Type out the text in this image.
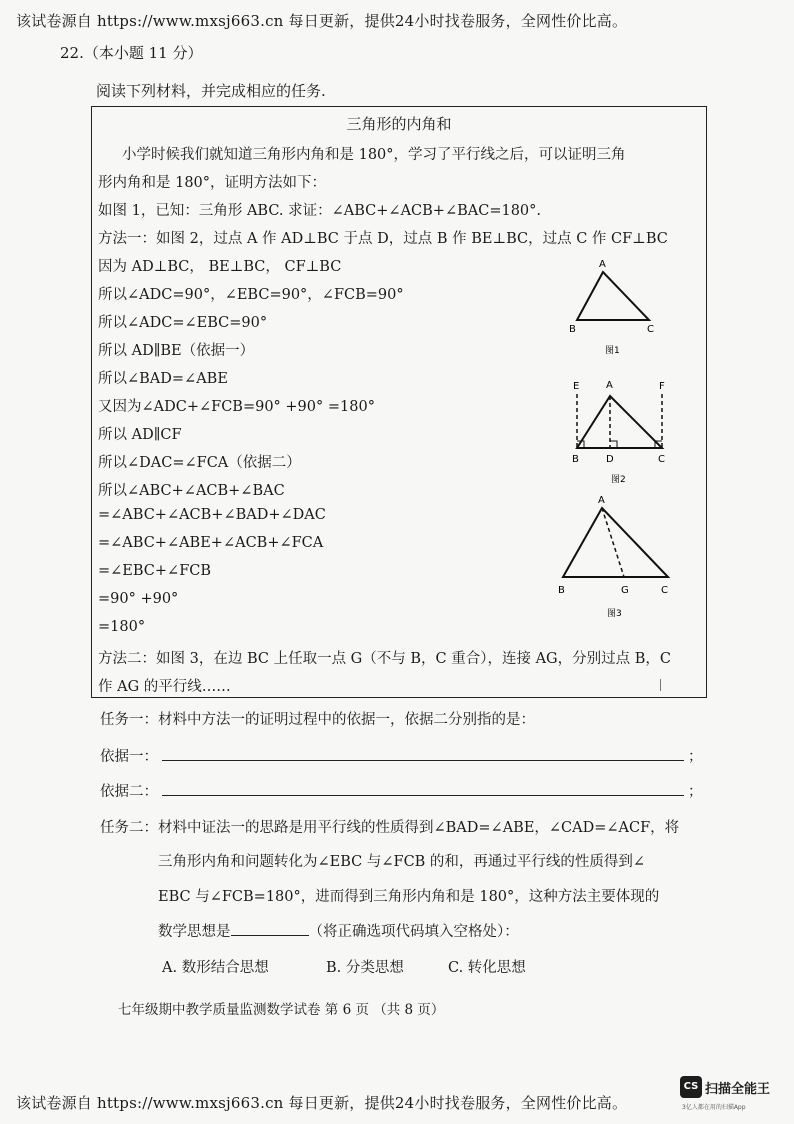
该试卷源自 https://www.mxsj663.cn 每日更新，提供24小时找卷服务，全网性价比高。
22.（本小题 11 分）
阅读下列材料，并完成相应的任务.
三角形的内角和
小学时候我们就知道三角形内角和是 180°，学习了平行线之后，可以证明三角
形内角和是 180°，证明方法如下：
如图 1，已知：三角形 ABC. 求证：∠ABC+∠ACB+∠BAC=180°.
方法一：如图 2，过点 A 作 AD⊥BC 于点 D，过点 B 作 BE⊥BC，过点 C 作 CF⊥BC
因为 AD⊥BC， BE⊥BC， CF⊥BC
所以∠ADC=90°，∠EBC=90°，∠FCB=90°
所以∠ADC=∠EBC=90°
所以 AD∥BE（依据一）
所以∠BAD=∠ABE
又因为∠ADC+∠FCB=90° +90° =180°
所以 AD∥CF
所以∠DAC=∠FCA（依据二）
所以∠ABC+∠ACB+∠BAC
=∠ABC+∠ACB+∠BAD+∠DAC
=∠ABC+∠ABE+∠ACB+∠FCA
=∠EBC+∠FCB
=90° +90°
=180°
方法二：如图 3，在边 BC 上任取一点 G（不与 B，C 重合），连接 AG，分别过点 B，C
作 AG 的平行线……
A
B	C
图1
E	A	F
B	D	C
图2
A
B	G	C
图3
任务一：材料中方法一的证明过程中的依据一，依据二分别指的是：
依据一：	；
依据二：	；
任务二：材料中证法一的思路是用平行线的性质得到∠BAD=∠ABE，∠CAD=∠ACF，将
三角形内角和问题转化为∠EBC 与∠FCB 的和，再通过平行线的性质得到∠
EBC 与∠FCB=180°，进而得到三角形内角和是 180°，这种方法主要体现的
数学思想是	（将正确选项代码填入空格处）：
A. 数形结合思想	B. 分类思想	C. 转化思想
七年级期中教学质量监测数学试卷 第 6 页 （共 8 页）
该试卷源自 https://www.mxsj663.cn 每日更新，提供24小时找卷服务，全网性价比高。
CS 扫描全能王
3亿人都在用的扫描App
